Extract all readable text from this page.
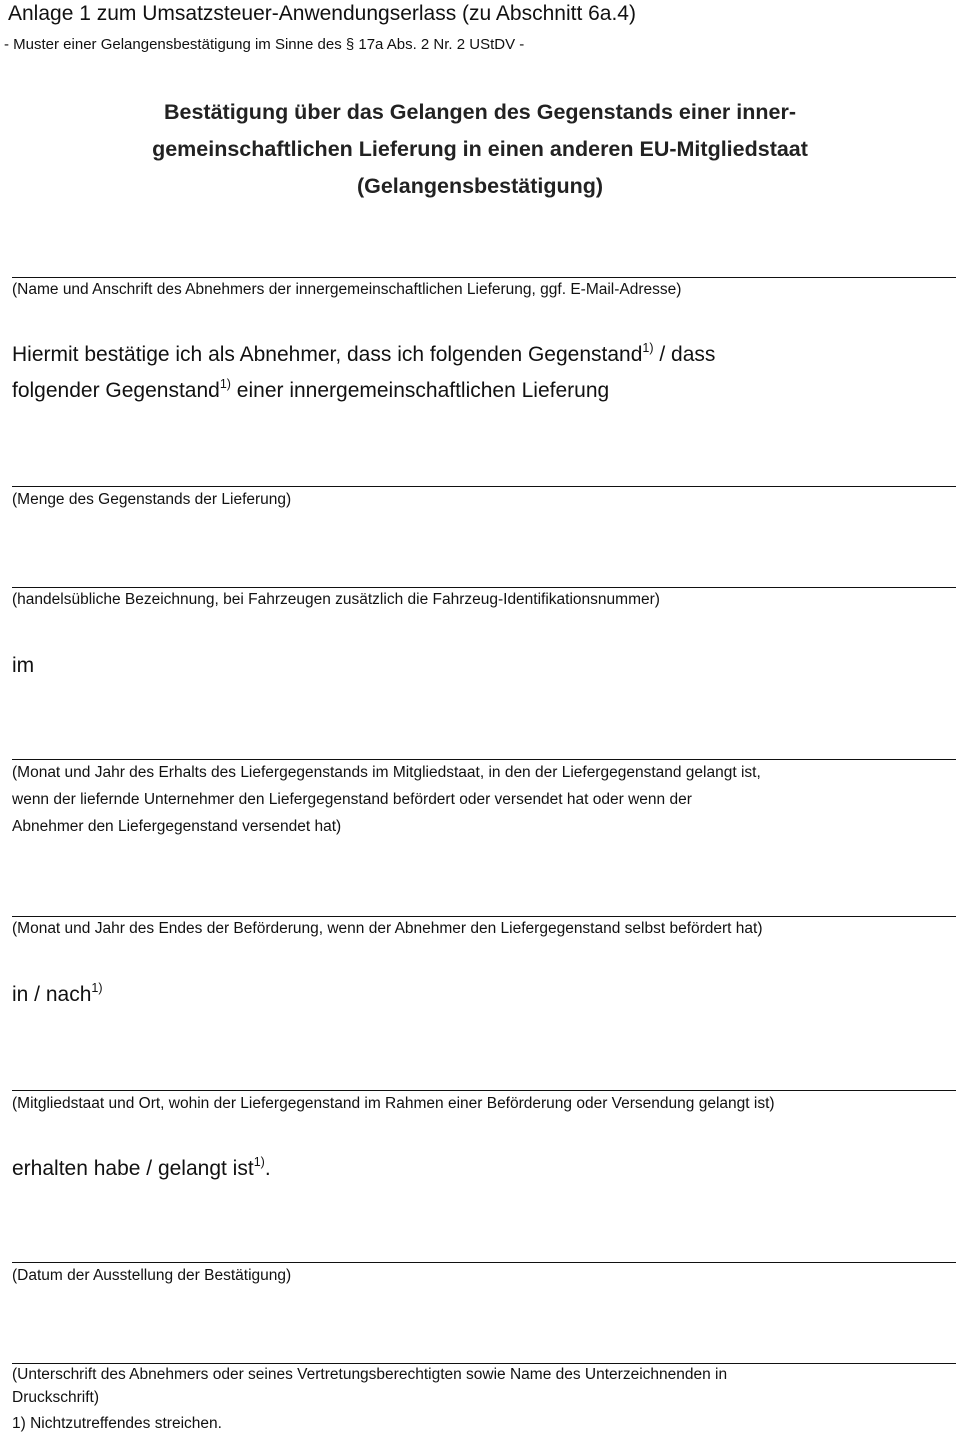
Anlage 1 zum Umsatzsteuer-Anwendungserlass (zu Abschnitt 6a.4)
- Muster einer Gelangensbestätigung im Sinne des § 17a Abs. 2 Nr. 2 UStDV -
Bestätigung über das Gelangen des Gegenstands einer inner-
gemeinschaftlichen Lieferung in einen anderen EU-Mitgliedstaat
(Gelangensbestätigung)
(Name und Anschrift des Abnehmers der innergemeinschaftlichen Lieferung, ggf. E-Mail-Adresse)
Hiermit bestätige ich als Abnehmer, dass ich folgenden Gegenstand$^{1)}$ / dass
folgender Gegenstand$^{1)}$ einer innergemeinschaftlichen Lieferung
(Menge des Gegenstands der Lieferung)
(handelsübliche Bezeichnung, bei Fahrzeugen zusätzlich die Fahrzeug-Identifikationsnummer)
im
(Monat und Jahr des Erhalts des Liefergegenstands im Mitgliedstaat, in den der Liefergegenstand gelangt ist,
wenn der liefernde Unternehmer den Liefergegenstand befördert oder versendet hat oder wenn der
Abnehmer den Liefergegenstand versendet hat)
(Monat und Jahr des Endes der Beförderung, wenn der Abnehmer den Liefergegenstand selbst befördert hat)
in / nach$^{1)}$
(Mitgliedstaat und Ort, wohin der Liefergegenstand im Rahmen einer Beförderung oder Versendung gelangt ist)
erhalten habe / gelangt ist$^{1)}$.
(Datum der Ausstellung der Bestätigung)
(Unterschrift des Abnehmers oder seines Vertretungsberechtigten sowie Name des Unterzeichnenden in
Druckschrift)
1) Nichtzutreffendes streichen.
